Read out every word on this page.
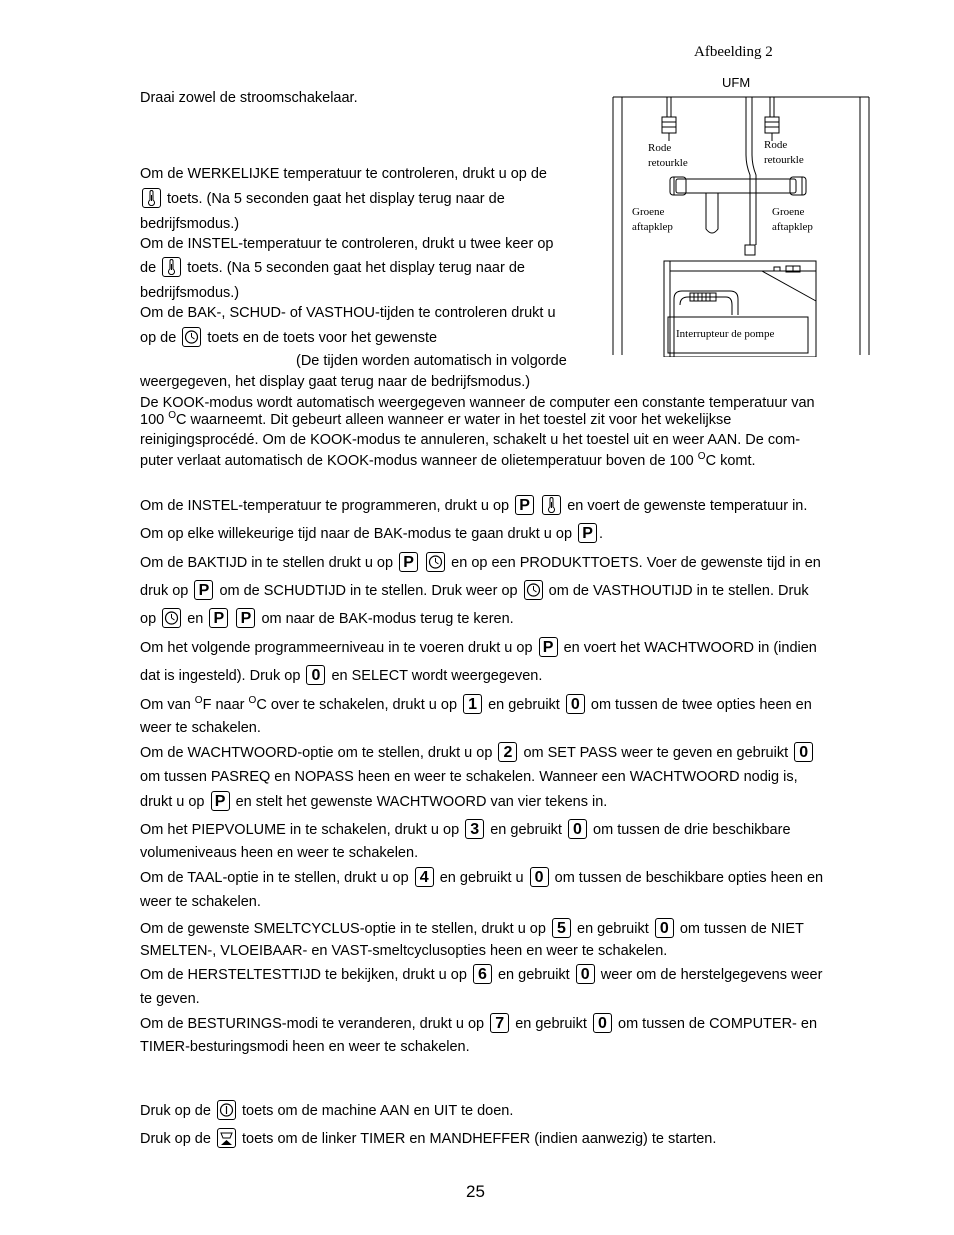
Afbeelding 2
UFM
Rode
retourkle
Rode
retourkle
Groene
aftapklep
Groene
aftapklep
Interrupteur de pompe
Draai zowel de stroomschakelaar.
Om de WERKELIJKE temperatuur te controleren, drukt u op de
toets. (Na 5 seconden gaat het display terug naar de
bedrijfsmodus.)
Om de INSTEL-temperatuur te controleren, drukt u twee keer op
de toets. (Na 5 seconden gaat het display terug naar de
bedrijfsmodus.)
Om de BAK-, SCHUD- of VASTHOU-tijden te controleren drukt u
op de toets en de toets voor het gewenste
(De tijden worden automatisch in volgorde
weergegeven, het display gaat terug naar de bedrijfsmodus.)
De KOOK-modus wordt automatisch weergegeven wanneer de computer een constante temperatuur van
100 $^O$C waarneemt. Dit gebeurt alleen wanneer er water in het toestel zit voor het wekelijkse
reinigingsprocédé. Om de KOOK-modus te annuleren, schakelt u het toestel uit en weer AAN. De com-
puter verlaat automatisch de KOOK-modus wanneer de olietemperatuur boven de 100 $^O$C komt.
Om de INSTEL-temperatuur te programmeren, drukt u op P	en voert de gewenste temperatuur in.
Om op elke willekeurige tijd naar de BAK-modus te gaan drukt u op P .
Om de BAKTIJD in te stellen drukt u op P	en op een PRODUKTTOETS. Voer de gewenste tijd in en
druk op P om de SCHUDTIJD in te stellen. Druk weer op om de VASTHOUTIJD in te stellen. Druk
op en P P om naar de BAK-modus terug te keren.
Om het volgende programmeerniveau in te voeren drukt u op P en voert het WACHTWOORD in (indien
dat is ingesteld). Druk op 0 en SELECT wordt weergegeven.
Om van $^O$F naar $^O$C over te schakelen, drukt u op 1 en gebruikt 0 om tussen de twee opties heen en
weer te schakelen.
Om de WACHTWOORD-optie om te stellen, drukt u op 2 om SET PASS weer te geven en gebruikt 0
om tussen PASREQ en NOPASS heen en weer te schakelen. Wanneer een WACHTWOORD nodig is,
drukt u op P en stelt het gewenste WACHTWOORD van vier tekens in.
Om het PIEPVOLUME in te schakelen, drukt u op 3 en gebruikt 0 om tussen de drie beschikbare
volumeniveaus heen en weer te schakelen.
Om de TAAL-optie in te stellen, drukt u op 4 en gebruikt u 0 om tussen de beschikbare opties heen en
weer te schakelen.
Om de gewenste SMELTCYCLUS-optie in te stellen, drukt u op 5 en gebruikt 0 om tussen de NIET
SMELTEN-, VLOEIBAAR- en VAST-smeltcyclusopties heen en weer te schakelen.
Om de HERSTELTESTTIJD te bekijken, drukt u op 6 en gebruikt 0 weer om de herstelgegevens weer
te geven.
Om de BESTURINGS-modi te veranderen, drukt u op 7 en gebruikt 0 om tussen de COMPUTER- en
TIMER-besturingsmodi heen en weer te schakelen.
Druk op de toets om de machine AAN en UIT te doen.
Druk op de toets om de linker TIMER en MANDHEFFER (indien aanwezig) te starten.
25
